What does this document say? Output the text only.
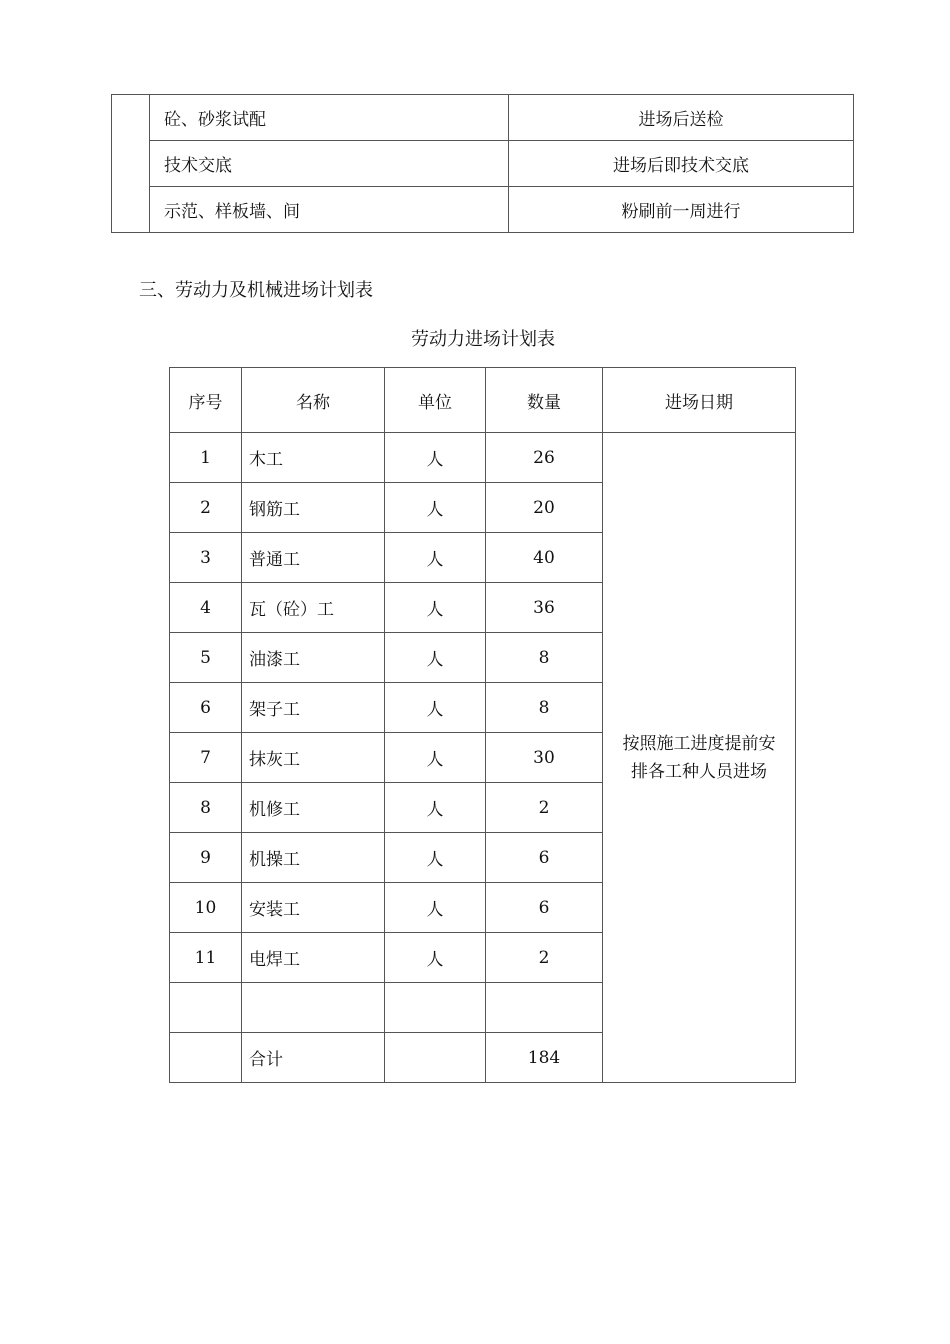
	砼、砂浆试配	进场后送检
	技术交底	进场后即技术交底
	示范、样板墙、间	粉刷前一周进行
三、劳动力及机械进场计划表
劳动力进场计划表
序号	名称	单位	数量	进场日期
1	木工	人	26	按照施工进度提前安
排各工种人员进场
2	钢筋工	人	20	
3	普通工	人	40	
4	瓦（砼）工	人	36	
5	油漆工	人	8	
6	架子工	人	8	
7	抹灰工	人	30	
8	机修工	人	2	
9	机操工	人	6	
10	安装工	人	6	
11	电焊工	人	2	

	合计		184	
